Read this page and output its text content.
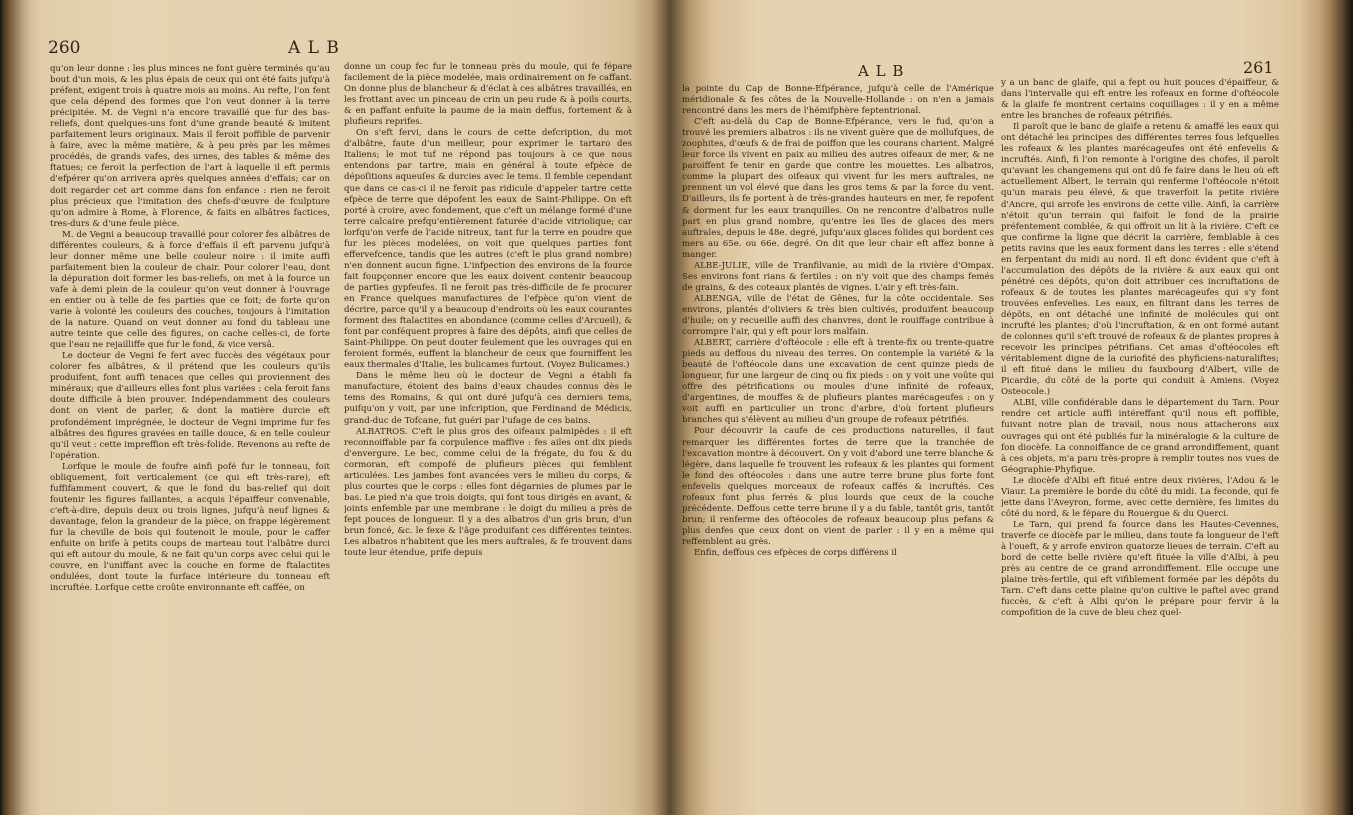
260	A L B

qu'on leur donne : les plus minces ne font guère terminés qu'au bout d'un mois, & les plus épais de ceux qui ont été faits jufqu'à préfent, exigent trois à quatre mois au moins. Au refte, l'on fent que cela dépend des formes que l'on veut donner à la terre précipitée. M. de Vegni n'a encore travaillé que fur des bas-reliefs, dont quelques-uns font d'une grande beauté & imitent parfaitement leurs originaux. Mais il feroit poffible de parvenir à faire, avec la même matière, & à peu près par les mêmes procédés, de grands vafes, des urnes, des tables & même des ftatues; ce feroit la perfection de l'art à laquelle il eft permis d'efpérer qu'on arrivera après quelques années d'effais; car on doit regarder cet art comme dans fon enfance : rien ne feroit plus précieux que l'imitation des chefs-d'œuvre de fculpture qu'on admire à Rome, à Florence, & faits en albâtres factices, tres-durs & d'une feule pièce.

M. de Vegni a beaucoup travaillé pour colorer fes albâtres de différentes couleurs, & à force d'effais il eft parvenu jufqu'à leur donner même une belle couleur noire : il imite auffi parfaitement bien la couleur de chair. Pour colorer l'eau, dont la dépuration doit former les bas-reliefs, on met à la fource un vafe à demi plein de la couleur qu'on veut donner à l'ouvrage en entier ou à telle de fes parties que ce foit; de forte qu'on varie à volonté les couleurs des couches, toujours à l'imitation de la nature. Quand on veut donner au fond du tableau une autre teinte que celle des figures, on cache celles-ci, de forte que l'eau ne rejailliffe que fur le fond, & vice versâ.

Le docteur de Vegni fe fert avec fuccès des végétaux pour colorer fes albâtres, & il prétend que les couleurs qu'ils produifent, font auffi tenaces que celles qui proviennent des minéraux; que d'ailleurs elles font plus variées : cela feroit fans doute difficile à bien prouver. Indépendamment des couleurs dont on vient de parler, & dont la matière durcie eft profondément imprégnée, le docteur de Vegni imprime fur fes albâtres des figures gravées en taille douce, & en telle couleur qu'il veut : cette impreffion eft très-folide. Revenons au refte de l'opération.

Lorfque le moule de foufre ainfi pofé fur le tonneau, foit obliquement, foit verticalement (ce qui eft très-rare), eft fuffifamment couvert, & que le fond du bas-relief qui doit foutenir les figures faillantes, a acquis l'épaiffeur convenable, c'eft-à-dire, depuis deux ou trois lignes, jufqu'à neuf lignes & davantage, felon la grandeur de la pièce, on frappe légèrement fur la cheville de bois qui foutenoit le moule, pour le caffer enfuite on brife à petits coups de marteau tout l'albâtre durci qui eft autour du moule, & ne fait qu'un corps avec celui qui le couvre, en l'uniffant avec la couche en forme de ftalactites ondulées, dont toute la furface intérieure du tonneau eft incruftée. Lorfque cette croûte environnante eft caffée, on

donne un coup fec fur le tonneau près du moule, qui fe fépare facilement de la pièce modelée, mais ordinairement on fe caffant. On donne plus de blancheur & d'éclat à ces albâtres travaillés, en les frottant avec un pinceau de crin un peu rude & à poils courts, & en paffant enfuite la paume de la main deffus, fortement & à plufieurs reprifes.

On s'eft fervi, dans le cours de cette defcription, du mot d'albâtre, faute d'un meilleur, pour exprimer le tartaro des Italiens; le mot tuf ne répond pas toujours à ce que nous entendons par tartre, mais en général à toute efpèce de dépoſitions aqueuſes & durcies avec le tems. Il femble cependant que dans ce cas-ci il ne feroit pas ridicule d'appeler tartre cette efpèce de terre que dépofent les eaux de Saint-Philippe. On eft porté à croire, avec fondement, que c'eft un mélange formé d'une terre calcaire prefqu'entièrement faturée d'acide vitriolique; car lorfqu'on verfe de l'acide nitreux, tant fur la terre en poudre que fur les pièces modelées, on voit que quelques parties font effervefcence, tandis que les autres (c'eft le plus grand nombre) n'en donnent aucun figne. L'infpection des environs de la fource fait foupçonner encore que les eaux doivent contenir beaucoup de parties gypfeufes. Il ne feroit pas très-difficile de fe procurer en France quelques manufactures de l'efpèce qu'on vient de décrire, parce qu'il y a beaucoup d'endroits où les eaux courantes forment des ftalactites en abondance (comme celles d'Arcueil), & font par conféquent propres à faire des dépôts, ainfi que celles de Saint-Philippe. On peut douter feulement que les ouvrages qui en feroient formés, euffent la blancheur de ceux que fourniffent les eaux thermales d'Italie, les bulicames furtout. (Voyez Bulicames.)

Dans le même lieu où le docteur de Vegni a établi fa manufacture, étoient des bains d'eaux chaudes connus dès le tems des Romains, & qui ont duré jufqu'à ces derniers tems, puifqu'on y voit, par une infcription, que Ferdinand de Médicis, grand-duc de Tofcane, fut guéri par l'ufage de ces bains.

ALBATROS. C'eft le plus gros des oifeaux palmipèdes : il eft reconnoiffable par fa corpulence maffive : fes ailes ont dix pieds d'envergure. Le bec, comme celui de la frégate, du fou & du cormoran, eft compofé de plufieurs pièces qui femblent articulées. Les jambes font avancées vers le milieu du corps, & plus courtes que le corps : elles font dégarnies de plumes par le bas. Le pied n'a que trois doigts, qui font tous dirigés en avant, & joints enfemble par une membrane : le doigt du milieu a près de fept pouces de longueur. Il y a des albatros d'un gris brun, d'un brun foncé, &c. le fexe & l'âge produifant ces différentes teintes. Les albatros n'habitent que les mers auftrales, & fe trouvent dans toute leur étendue, prife depuis

A L B	261

la pointe du Cap de Bonne-Efpérance, jufqu'à celle de l'Amérique méridionale & fes côtes de la Nouvelle-Hollande : on n'en a jamais rencontré dans les mers de l'hémifphère feptentrional.

C'eft au-delà du Cap de Bonne-Efpérance, vers le fud, qu'on a trouvé les premiers albatros : ils ne vivent guère que de mollufques, de zoophites, d'œufs & de frai de poiffon que les courans charient. Malgré leur force ils vivent en paix au milieu des autres oifeaux de mer, & ne paroiffent fe tenir en garde que contre les mouettes. Les albatros, comme la plupart des oifeaux qui vivent fur les mers auftrales, ne prennent un vol élevé que dans les gros tems & par la force du vent. D'ailleurs, ils fe portent à de très-grandes hauteurs en mer, fe repofent & dorment fur les eaux tranquilles. On ne rencontre d'albatros nulle part en plus grand nombre, qu'entre les îles de glaces des mers auftrales, depuis le 48e. degré, jufqu'aux glaces folides qui bordent ces mers au 65e. ou 66e. degré. On dit que leur chair eft affez bonne à manger.

ALBE-JULIE, ville de Tranfilvanie, au midi de la rivière d'Ompax. Ses environs font rians & fertiles : on n'y voit que des champs femés de grains, & des coteaux plantés de vignes. L'air y eft très-fain.

ALBENGA, ville de l'état de Gênes, fur la côte occidentale. Ses environs, plantés d'oliviers & très bien cultivés, produifent beaucoup d'huile; on y recueille auffi des chanvres, dont le rouiffage contribue à corrompre l'air, qui y eft pour lors malfain.

ALBERT, carrière d'oftéocole : elle eft à trente-fix ou trente-quatre pieds au deffous du niveau des terres. On contemple la variété & la beauté de l'oftéocole dans une excavation de cent quinze pieds de longueur, fur une largeur de cinq ou fix pieds : on y voit une voûte qui offre des pétrifications ou moules d'une infinité de rofeaux, d'argentines, de mouffes & de plufieurs plantes marécageufes : on y voit auffi en particulier un tronc d'arbre, d'où fortent plufieurs branches qui s'élèvent au milieu d'un groupe de rofeaux pétrifiés.

Pour découvrir la caufe de ces productions naturelles, il faut remarquer les différentes fortes de terre que la tranchée de l'excavation montre à découvert. On y voit d'abord une terre blanche & légère, dans laquelle fe trouvent les rofeaux & les plantes qui forment le fond des oftéocoles : dans une autre terre brune plus forte font enfevelis quelques morceaux de rofeaux caffés & incruftés. Ces rofeaux font plus ferrés & plus lourds que ceux de la couche précédente. Deffous cette terre brune il y a du fable, tantôt gris, tantôt brun; il renferme des oftéocoles de rofeaux beaucoup plus pefans & plus denfes que ceux dont on vient de parler : il y en a même qui reffemblent au grès.

Enfin, deffous ces efpèces de corps différens il

y a un banc de glaife, qui a fept ou huit pouces d'épaiffeur, & dans l'intervalle qui eft entre les rofeaux en forme d'oftéocole & la glaife fe montrent certains coquillages : il y en a même entre les branches de rofeaux pétrifiés.

Il paroît que le banc de glaife a retenu & amaffé les eaux qui ont détaché les principes des différentes terres fous lefquelles les rofeaux & les plantes marécageufes ont été enfevelis & incruftés. Ainfi, fi l'on remonte à l'origine des chofes, il paroît qu'avant les changemens qui ont dû fe faire dans le lieu où eft actuellement Albert, le terrain qui renferme l'oftéocole n'étoit qu'un marais peu élevé, & que traverfoit la petite rivière d'Ancre, qui arrofe les environs de cette ville. Ainfi, la carrière n'étoit qu'un terrain qui faifoit le fond de la prairie préfentement comblée, & qui offroit un lit à la rivière. C'eft ce que confirme la ligne que décrit la carrière, femblable à ces petits ravins que les eaux forment dans les terres : elle s'étend en ferpentant du midi au nord. Il eft donc évident que c'eft à l'accumulation des dépôts de la rivière & aux eaux qui ont pénétré ces dépôts, qu'on doit attribuer ces incruftations de rofeaux & de toutes les plantes marécageufes qui s'y font trouvées enfevelies. Les eaux, en filtrant dans les terres de dépôts, en ont détaché une infinité de molécules qui ont incrufté les plantes; d'où l'incruftation, & en ont formé autant de colonnes qu'il s'eft trouvé de rofeaux & de plantes propres à recevoir les principes pétrifians. Cet amas d'oftéocoles eft véritablement digne de la curiofité des phyficiens-naturaliftes; il eft fitué dans le milieu du fauxbourg d'Albert, ville de Picardie, du côté de la porte qui conduit à Amiens. (Voyez Osteocole.)

ALBI, ville confidérable dans le département du Tarn. Pour rendre cet article auffi intéreffant qu'il nous eft poffible, fuivant notre plan de travail, nous nous attacherons aux ouvrages qui ont été publiés fur la minéralogie & la culture de fon diocèfe. La connoiffance de ce grand arrondiffement, quant à ces objets, m'a paru très-propre à remplir toutes nos vues de Géographie-Phyfique.

Le diocèfe d'Albi eft fitué entre deux rivières, l'Adou & le Viaur. La première le borde du côté du midi. La feconde, qui fe jette dans l'Aveyron, forme, avec cette dernière, fes limites du côté du nord, & le fépare du Rouergue & du Querci.

Le Tarn, qui prend fa fource dans les Hautes-Cevennes, traverfe ce diocèfe par le milieu, dans toute fa longueur de l'eft à l'oueft, & y arrofe environ quatorze lieues de terrain. C'eft au bord de cette belle rivière qu'eft fituée la ville d'Albi, à peu près au centre de ce grand arrondiffement. Elle occupe une plaine très-fertile, qui eft vifiblement formée par les dépôts du Tarn. C'eft dans cette plaine qu'on cultive le paftel avec grand fuccès, & c'eft à Albi qu'on le prépare pour fervir à la compofition de la cuve de bleu chez quel-
